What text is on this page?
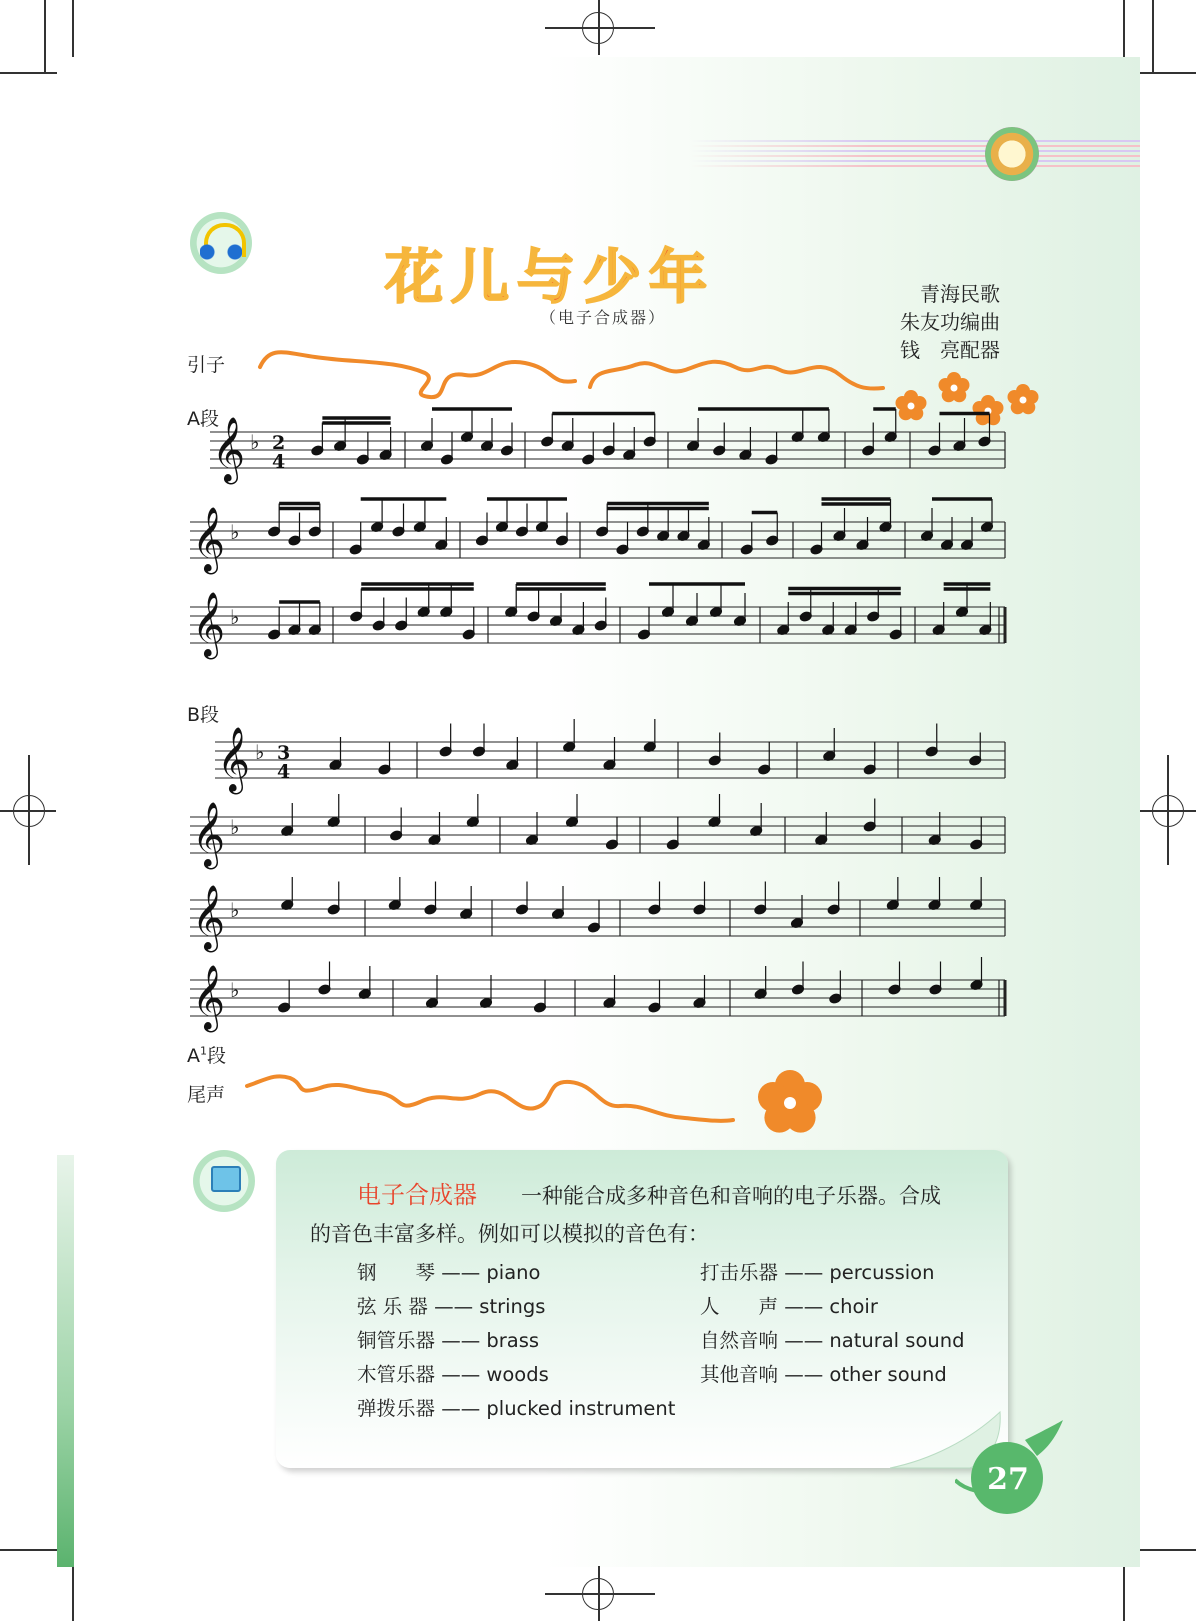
花儿与少年
（电子合成器）
青海民歌
朱友功编曲
钱　亮配器
引子
A段
B段
$A^1$段
尾声
𝄞 ♭ 2
4
𝄞 ♭
𝄞 ♭
𝄞 ♭ 3
4
𝄞 ♭
𝄞 ♭
𝄞 ♭
电子合成器 一种能合成多种音色和音响的电子乐器。合成
的音色丰富多样。例如可以模拟的音色有：
钢　　琴 —— piano
弦 乐 器 —— strings
铜管乐器 —— brass
木管乐器 —— woods
弹拨乐器 —— plucked instrument
打击乐器 —— percussion
人　　声 —— choir
自然音响 —— natural sound
其他音响 —— other sound
27
